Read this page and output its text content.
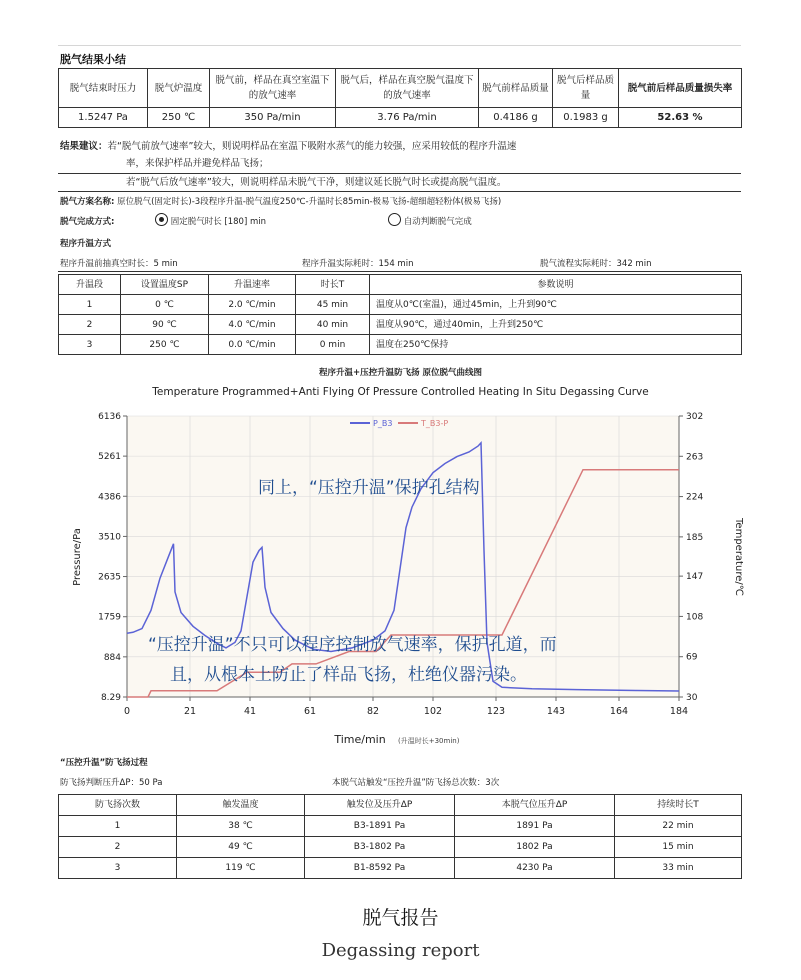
脱气结果小结
脱气结束时压力	脱气炉温度	脱气前，样品在真空室温下的放气速率	脱气后，样品在真空脱气温度下的放气速率	脱气前样品质量	脱气后样品质量	脱气前后样品质量损失率
1.5247 Pa	250 ℃	350 Pa/min	3.76 Pa/min	0.4186 g	0.1983 g	52.63 %
结果建议：若“脱气前放气速率”较大，则说明样品在室温下吸附水蒸气的能力较强，应采用较低的程序升温速
率，来保护样品并避免样品飞扬；
若“脱气后放气速率”较大，则说明样品未脱气干净，则建议延长脱气时长或提高脱气温度。
脱气方案名称: 原位脱气(固定时长)-3段程序升温-脱气温度250℃-升温时长85min-极易飞扬-超细超轻粉体(极易飞扬)
脱气完成方式:	固定脱气时长 [180] min	自动判断脱气完成
程序升温方式
程序升温前抽真空时长：5 min	程序升温实际耗时：154 min	脱气流程实际耗时：342 min
升温段	设置温度SP	升温速率	时长T	参数说明
1	0 ℃	2.0 ℃/min	45 min	温度从0℃(室温)，通过45min，上升到90℃
2	90 ℃	4.0 ℃/min	40 min	温度从90℃，通过40min，上升到250℃
3	250 ℃	0.0 ℃/min	0 min	温度在250℃保持
程序升温+压控升温防飞扬 原位脱气曲线图
Temperature Programmed+Anti Flying Of Pressure Controlled Heating In Situ Degassing Curve
0	21	41	61	82	102	123	143	164	184
8.29
884
1759
2635
3510
4386
5261
6136
30
69
108
147
185
224
263
302
P_B3	T_B3-P
Pressure/Pa	Temperature/℃
Time/min (升温时长+30min)
同上，“压控升温”保护孔结构
“压控升温”不只可以程序控制放气速率，保护孔道，而
且，从根本上防止了样品飞扬，杜绝仪器污染。
“压控升温”防飞扬过程
防飞扬判断压升ΔP：50 Pa	本脱气站触发“压控升温”防飞扬总次数：3次
防飞扬次数	触发温度	触发位及压升ΔP	本脱气位压升ΔP	持续时长T
1	38 ℃	B3-1891 Pa	1891 Pa	22 min
2	49 ℃	B3-1802 Pa	1802 Pa	15 min
3	119 ℃	B1-8592 Pa	4230 Pa	33 min
脱气报告
Degassing report
